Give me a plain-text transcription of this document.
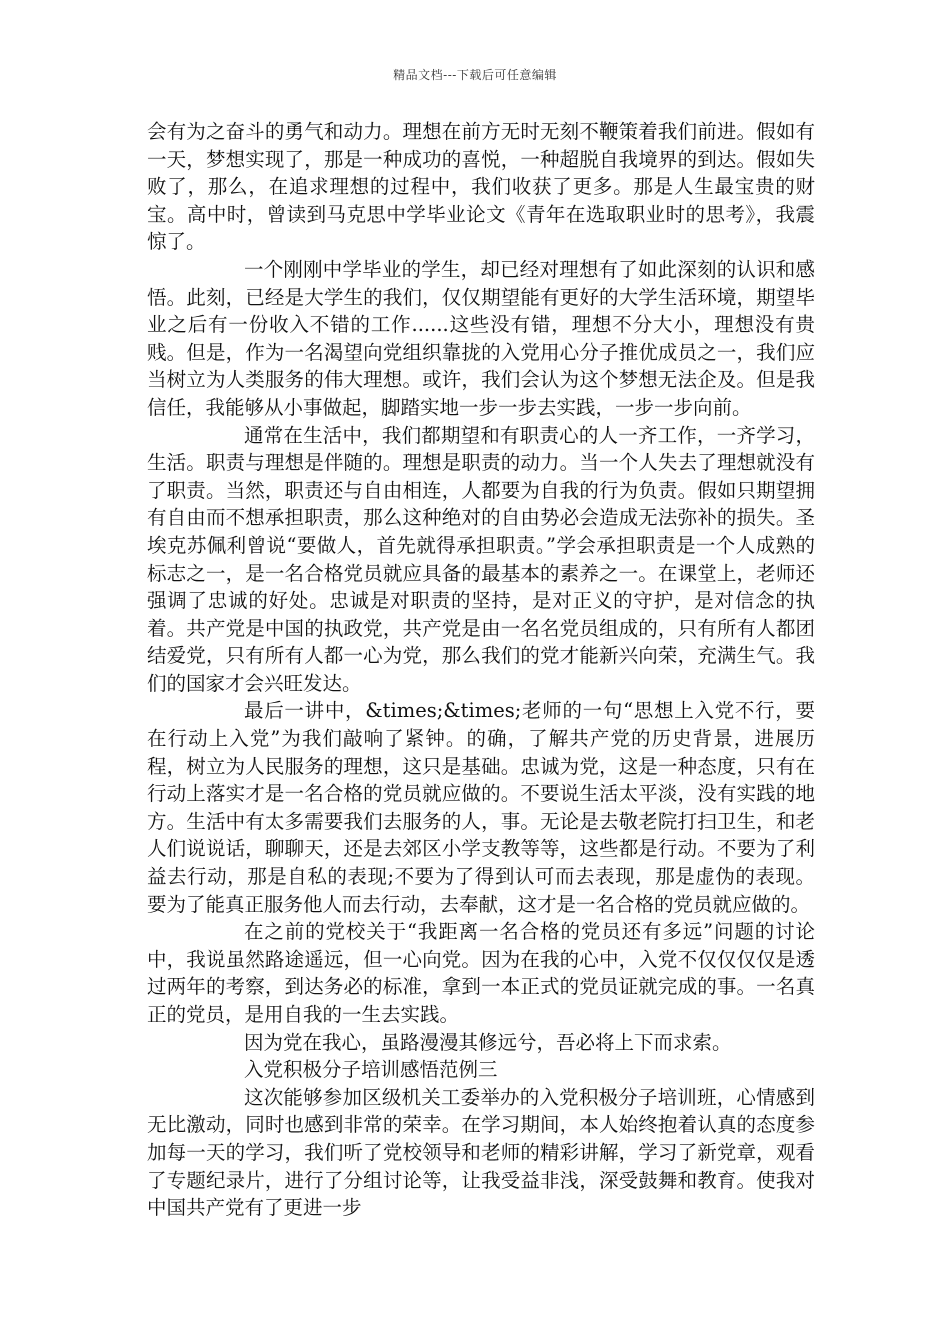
精品文档---下载后可任意编辑

会有为之奋斗的勇气和动力。理想在前方无时无刻不鞭策着我们前进。假如有一天，梦想实现了，那是一种成功的喜悦，一种超脱自我境界的到达。假如失败了，那么，在追求理想的过程中，我们收获了更多。那是人生最宝贵的财宝。高中时，曾读到马克思中学毕业论文《青年在选取职业时的思考》，我震惊了。

一个刚刚中学毕业的学生，却已经对理想有了如此深刻的认识和感悟。此刻，已经是大学生的我们，仅仅期望能有更好的大学生活环境，期望毕业之后有一份收入不错的工作......这些没有错，理想不分大小，理想没有贵贱。但是，作为一名渴望向党组织靠拢的入党用心分子推优成员之一，我们应当树立为人类服务的伟大理想。或许，我们会认为这个梦想无法企及。但是我信任，我能够从小事做起，脚踏实地一步一步去实践，一步一步向前。

通常在生活中，我们都期望和有职责心的人一齐工作，一齐学习，生活。职责与理想是伴随的。理想是职责的动力。当一个人失去了理想就没有了职责。当然，职责还与自由相连，人都要为自我的行为负责。假如只期望拥有自由而不想承担职责，那么这种绝对的自由势必会造成无法弥补的损失。圣埃克苏佩利曾说“要做人，首先就得承担职责。”学会承担职责是一个人成熟的标志之一，是一名合格党员就应具备的最基本的素养之一。在课堂上，老师还强调了忠诚的好处。忠诚是对职责的坚持，是对正义的守护，是对信念的执着。共产党是中国的执政党，共产党是由一名名党员组成的，只有所有人都团结爱党，只有所有人都一心为党，那么我们的党才能新兴向荣，充满生气。我们的国家才会兴旺发达。

最后一讲中，&times;&times;老师的一句“思想上入党不行，要在行动上入党”为我们敲响了紧钟。的确，了解共产党的历史背景，进展历程，树立为人民服务的理想，这只是基础。忠诚为党，这是一种态度，只有在行动上落实才是一名合格的党员就应做的。不要说生活太平淡，没有实践的地方。生活中有太多需要我们去服务的人，事。无论是去敬老院打扫卫生，和老人们说说话，聊聊天，还是去郊区小学支教等等，这些都是行动。不要为了利益去行动，那是自私的表现;不要为了得到认可而去表现，那是虚伪的表现。要为了能真正服务他人而去行动，去奉献，这才是一名合格的党员就应做的。

在之前的党校关于“我距离一名合格的党员还有多远”问题的讨论中，我说虽然路途遥远，但一心向党。因为在我的心中，入党不仅仅仅仅是透过两年的考察，到达务必的标准，拿到一本正式的党员证就完成的事。一名真正的党员，是用自我的一生去实践。

因为党在我心，虽路漫漫其修远兮，吾必将上下而求索。

入党积极分子培训感悟范例三

这次能够参加区级机关工委举办的入党积极分子培训班，心情感到无比激动，同时也感到非常的荣幸。在学习期间，本人始终抱着认真的态度参加每一天的学习，我们听了党校领导和老师的精彩讲解，学习了新党章，观看了专题纪录片，进行了分组讨论等，让我受益非浅，深受鼓舞和教育。使我对中国共产党有了更进一步
